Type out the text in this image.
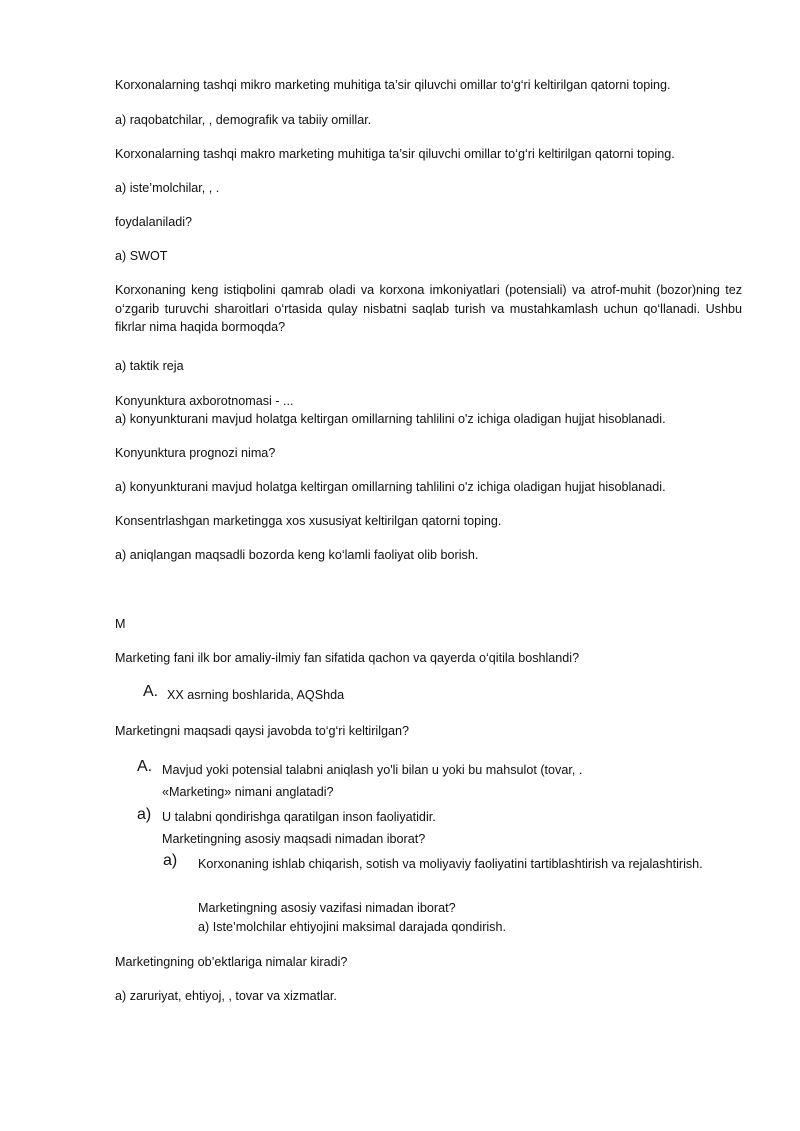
Korxonalarning tashqi mikro marketing muhitiga ta’sir qiluvchi omillar to‘g‘ri keltirilgan qatorni toping.
a) raqobatchilar, , demografik va tabiiy omillar.
Korxonalarning tashqi makro marketing muhitiga ta’sir qiluvchi omillar to‘g‘ri keltirilgan qatorni toping.
a) iste’molchilar, , .
foydalaniladi?
a) SWOT
Korxonaning keng istiqbolini qamrab oladi va korxona imkoniyatlari (potensiali) va atrof-muhit (bozor)ning tez o‘zgarib turuvchi sharoitlari o‘rtasida qulay nisbatni saqlab turish va mustahkamlash uchun qo‘llanadi. Ushbu fikrlar nima haqida bormoqda?
a) taktik reja
Konyunktura axborotnomasi - ...
a) konyunkturani mavjud holatga keltirgan omillarning tahlilini o'z ichiga oladigan hujjat hisoblanadi.
Konyunktura prognozi nima?
a) konyunkturani mavjud holatga keltirgan omillarning tahlilini o'z ichiga oladigan hujjat hisoblanadi.
Konsentrlashgan marketingga xos xususiyat keltirilgan qatorni toping.
a) aniqlangan maqsadli bozorda keng ko‘lamli faoliyat olib borish.
M
Marketing fani ilk bor amaliy-ilmiy fan sifatida qachon va qayerda o‘qitila boshlandi?
A. XX asrning boshlarida, AQShda
Marketingni maqsadi qaysi javobda to‘g‘ri keltirilgan?
A. Mavjud yoki potensial talabni aniqlash yo'li bilan u yoki bu mahsulot (tovar, .
«Marketing» nimani anglatadi?
a) U talabni qondirishga qaratilgan inson faoliyatidir.
Marketingning asosiy maqsadi nimadan iborat?
a) Korxonaning ishlab chiqarish, sotish va moliyaviy faoliyatini tartiblashtirish va rejalashtirish.
Marketingning asosiy vazifasi nimadan iborat?
a) Iste’molchilar ehtiyojini maksimal darajada qondirish.
Marketingning ob’ektlariga nimalar kiradi?
a) zaruriyat, ehtiyoj, , tovar va xizmatlar.
